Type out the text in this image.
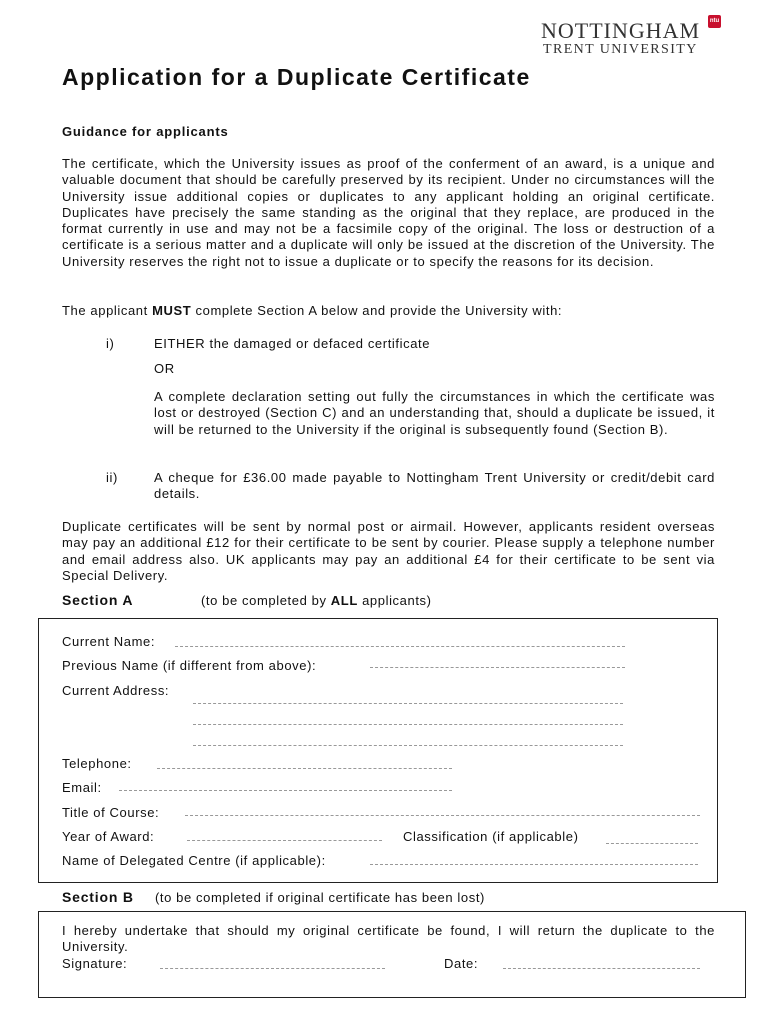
NOTTINGHAM	ntu
TRENT UNIVERSITY
Application for a Duplicate Certificate
Guidance for applicants
The certificate, which the University issues as proof of the conferment of an award, is a unique and valuable document that should be carefully preserved by its recipient. Under no circumstances will the University issue additional copies or duplicates to any applicant holding an original certificate. Duplicates have precisely the same standing as the original that they replace, are produced in the format currently in use and may not be a facsimile copy of the original. The loss or destruction of a certificate is a serious matter and a duplicate will only be issued at the discretion of the University. The University reserves the right not to issue a duplicate or to specify the reasons for its decision.
The applicant MUST complete Section A below and provide the University with:
i)	EITHER the damaged or defaced certificate
OR
A complete declaration setting out fully the circumstances in which the certificate was lost or destroyed (Section C) and an understanding that, should a duplicate be issued, it will be returned to the University if the original is subsequently found (Section B).
ii)	A cheque for £36.00 made payable to Nottingham Trent University or credit/debit card details.
Duplicate certificates will be sent by normal post or airmail. However, applicants resident overseas may pay an additional £12 for their certificate to be sent by courier. Please supply a telephone number and email address also. UK applicants may pay an additional £4 for their certificate to be sent via Special Delivery.
Section A	(to be completed by ALL applicants)
Current Name:
Previous Name (if different from above):
Current Address:
Telephone:
Email:
Title of Course:
Year of Award:	Classification (if applicable)
Name of Delegated Centre (if applicable):
Section B (to be completed if original certificate has been lost)
I hereby undertake that should my original certificate be found, I will return the duplicate to the University.
Signature:	Date:
